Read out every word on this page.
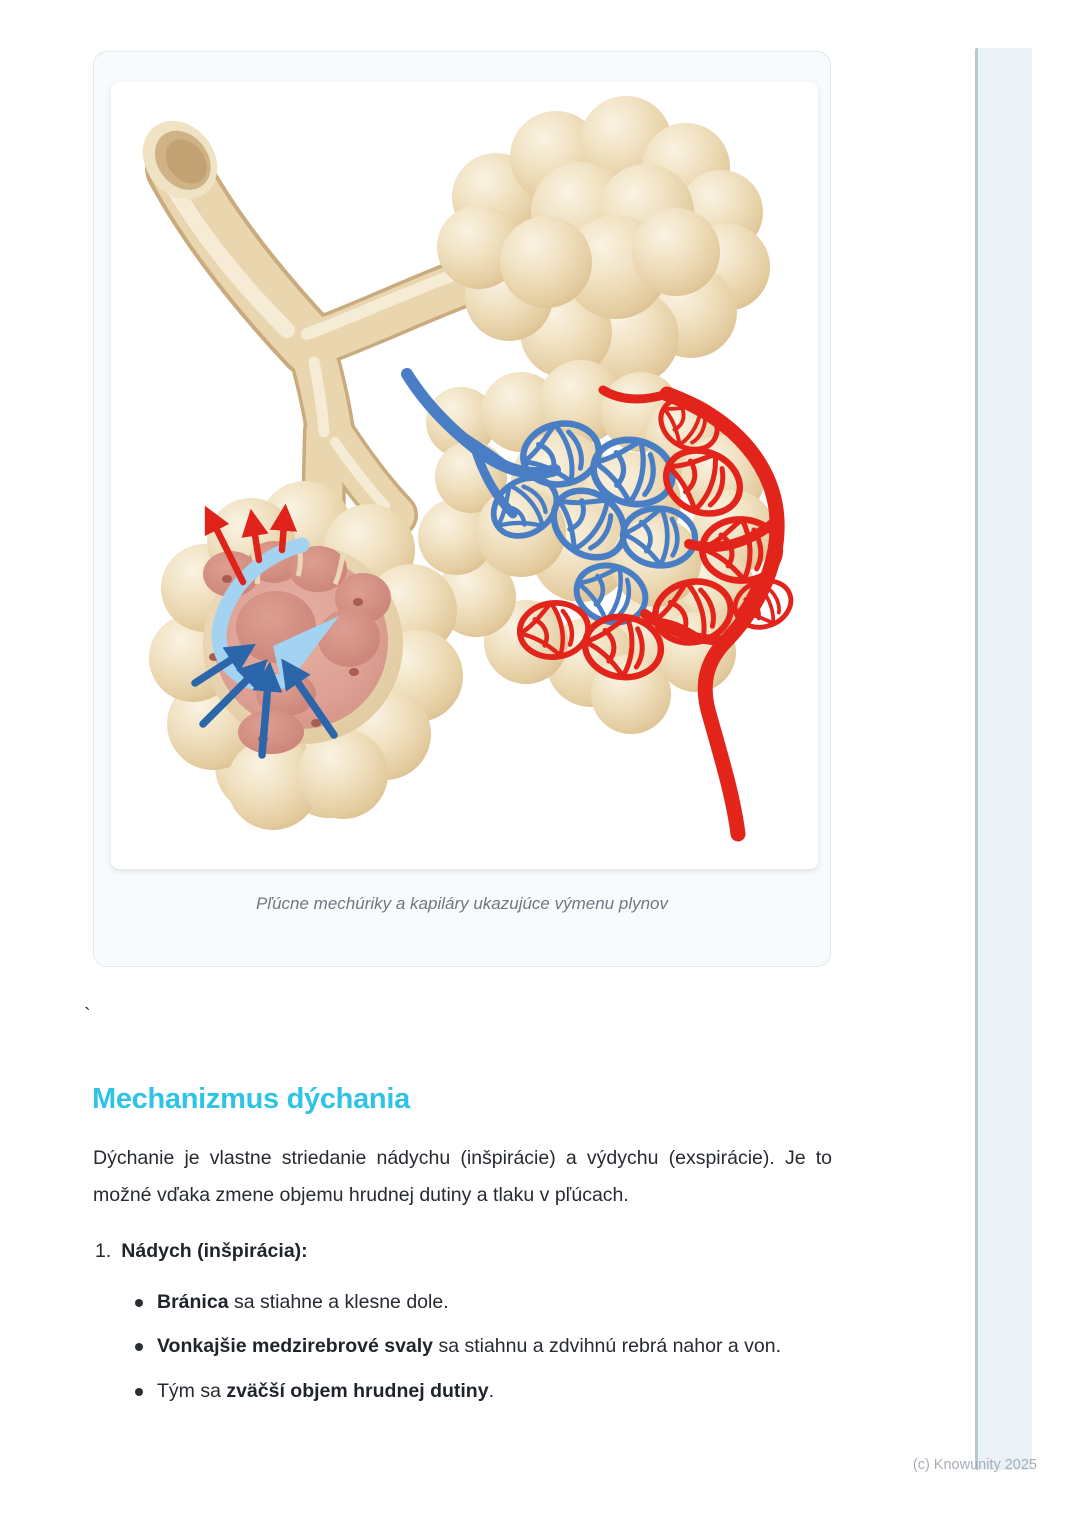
Pľúcne mechúriky a kapiláry ukazujúce výmenu plynov
`
Mechanizmus dýchania

Dýchanie je vlastne striedanie nádychu (inšpirácie) a výdychu (exspirácie). Je to možné vďaka zmene objemu hrudnej dutiny a tlaku v pľúcach.

1. Nádych (inšpirácia):
Bránica sa stiahne a klesne dole.
Vonkajšie medzirebrové svaly sa stiahnu a zdvihnú rebrá nahor a von.
Tým sa zväčší objem hrudnej dutiny.
(c) Knowunity 2025
